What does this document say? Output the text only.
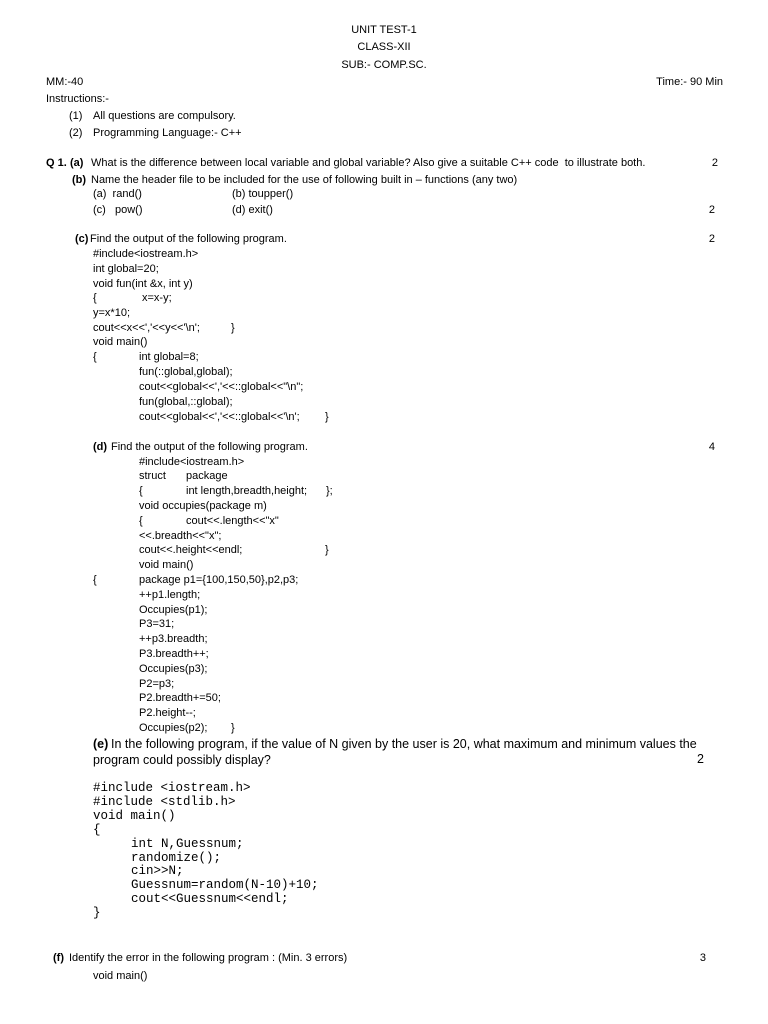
UNIT TEST-1
CLASS-XII
SUB:- COMP.SC.
MM:-40	Time:- 90 Min
Instructions:-
(1) All questions are compulsory.
(2) Programming Language:- C++
Q 1. (a) What is the difference between local variable and global variable? Also give a suitable C++ code  to illustrate both.	2
(b) Name the header file to be included for the use of following built in – functions (any two)
(a)  rand()	(b) toupper()
(c)   pow()	(d) exit()	2
(c) Find the output of the following program.	2
#include<iostream.h>
int global=20;
void fun(int &x, int y)
{	x=x-y;
y=x*10;
cout<<x<<','<<y<<'\n';	}
void main()
{	int global=8;
fun(::global,global);
cout<<global<<','<<::global<<"\n";
fun(global,::global);
cout<<global<<','<<::global<<'\n'; }
(d) Find the output of the following program.	4
#include<iostream.h>
struct package
{	int length,breadth,height; };
void occupies(package m)
{	cout<<.length<<"x"
<<.breadth<<"x";
cout<<.height<<endl;	}
void main()
{	package p1={100,150,50},p2,p3;
++p1.length;
Occupies(p1);
P3=31;
++p3.breadth;
P3.breadth++;
Occupies(p3);
P2=p3;
P2.breadth+=50;
P2.height--;
Occupies(p2); }
(e) In the following program, if the value of N given by the user is 20, what maximum and minimum values the
program could possibly display?	2
#include <iostream.h>
#include <stdlib.h>
void main()
{
int N,Guessnum;
randomize();
cin>>N;
Guessnum=random(N-10)+10;
cout<<Guessnum<<endl;
}
(f) Identify the error in the following program : (Min. 3 errors)	3
void main()
